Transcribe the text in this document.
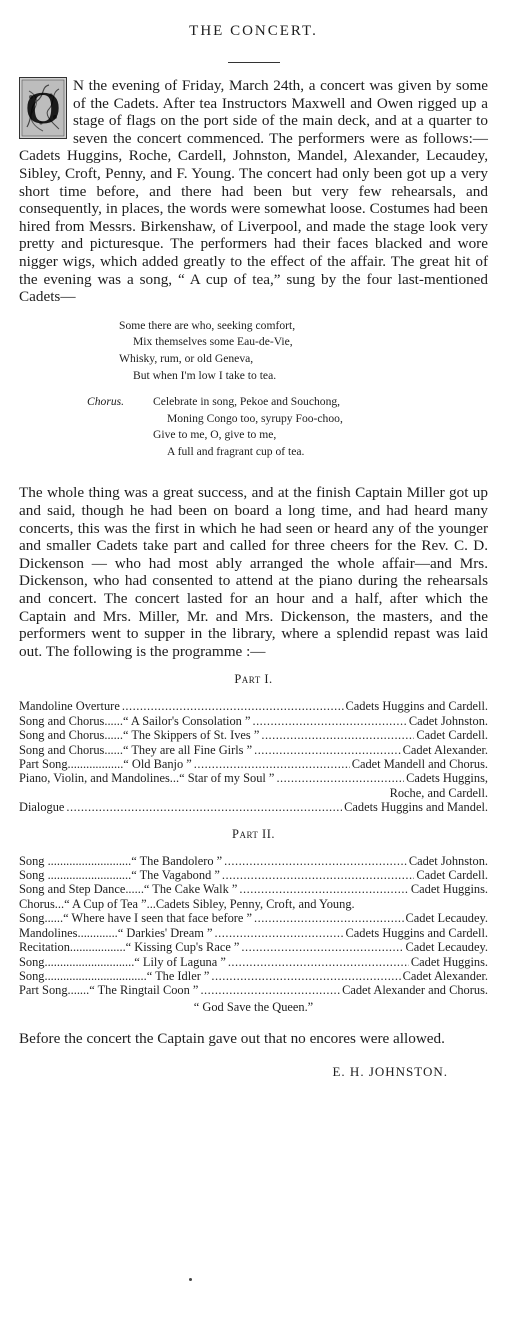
THE CONCERT.

O N the evening of Friday, March 24th, a concert was given by some of the Cadets. After tea Instructors Maxwell and Owen rigged up a stage of flags on the port side of the main deck, and at a quarter to seven the concert commenced. The performers were as follows:— Cadets Huggins, Roche, Cardell, Johnston, Mandel, Alexander, Lecaudey, Sibley, Croft, Penny, and F. Young. The concert had only been got up a very short time before, and there had been but very few rehearsals, and consequently, in places, the words were somewhat loose. Costumes had been hired from Messrs. Birkenshaw, of Liverpool, and made the stage look very pretty and picturesque. The performers had their faces blacked and wore nigger wigs, which added greatly to the effect of the affair. The great hit of the evening was a song, “ A cup of tea,” sung by the four last-mentioned Cadets—

Some there are who, seeking comfort,
Mix themselves some Eau-de-Vie,
Whisky, rum, or old Geneva,
But when I'm low I take to tea.
Chorus.	Celebrate in song, Pekoe and Souchong,
Moning Congo too, syrupy Foo-choo,
Give to me, O, give to me,
A full and fragrant cup of tea.

The whole thing was a great success, and at the finish Captain Miller got up and said, though he had been on board a long time, and had heard many concerts, this was the first in which he had seen or heard any of the younger and smaller Cadets take part and called for three cheers for the Rev. C. D. Dickenson — who had most ably arranged the whole affair—and Mrs. Dickenson, who had consented to attend at the piano during the rehearsals and concert. The concert lasted for an hour and a half, after which the Captain and Mrs. Miller, Mr. and Mrs. Dickenson, the masters, and the performers went to supper in the library, where a splendid repast was laid out. The following is the programme :—

Part I.
Mandoline Overture .....	Cadets Huggins and Cardell.
Song and Chorus......“ A Sailor's Consolation ” .....	Cadet Johnston.
Song and Chorus......“ The Skippers of St. Ives ” .....	Cadet Cardell.
Song and Chorus......“ They are all Fine Girls ” .....	Cadet Alexander.
Part Song..................“ Old Banjo ” .....	Cadet Mandell and Chorus.
Piano, Violin, and Mandolines...“ Star of my Soul ” .....	Cadets Huggins,
Roche, and Cardell.
Dialogue .....	Cadets Huggins and Mandel.
Part II.
Song ...........................“ The Bandolero ” .....	Cadet Johnston.
Song ...........................“ The Vagabond ” .....	Cadet Cardell.
Song and Step Dance......“ The Cake Walk ” .....	Cadet Huggins.
Chorus...“ A Cup of Tea ”...Cadets Sibley, Penny, Croft, and Young.
Song......“ Where have I seen that face before ” .....	Cadet Lecaudey.
Mandolines.............“ Darkies' Dream ” .....	Cadets Huggins and Cardell.
Recitation..................“ Kissing Cup's Race ” .....	Cadet Lecaudey.
Song.............................“ Lily of Laguna ” .....	Cadet Huggins.
Song.................................“ The Idler ” .....	Cadet Alexander.
Part Song.......“ The Ringtail Coon ” .....	Cadet Alexander and Chorus.
“ God Save the Queen.”

Before the concert the Captain gave out that no encores were allowed.

E. H. JOHNSTON.
